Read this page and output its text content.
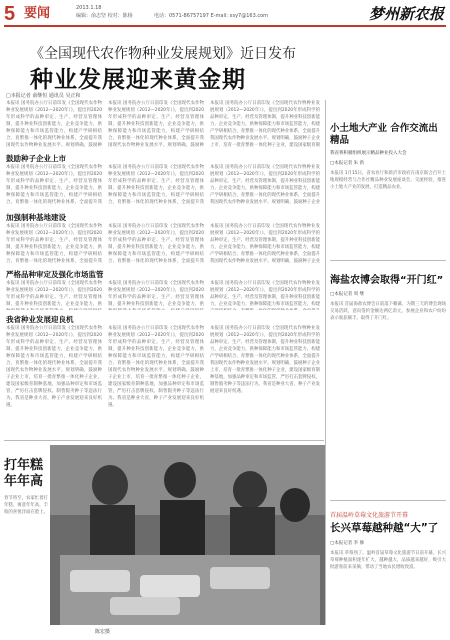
5 要闻	2013.1.18
编辑：俞志坚 校对：陈杨	电话：0571-86757197 E-mail: xsy7@163.com	梦州新农报
《全国现代农作物种业发展规划》近日发布
种业发展迎来黄金期
□本报记者 俞继恒 通讯员 吴正和
本报讯 国务院办公厅日前印发《全国现代农作物种业发展规划（2012—2020年）》，提出到2020年形成科学的品种审定、生产、经营及管理体制，提升种业科技创新能力，企业竞争能力，供种保障能力和市场监管能力，构建产学研相结合、育繁推一体化的现代种业体系，全面提升我国现代农作物种业发展水平。规划明确，鼓励种
本报讯 国务院办公厅日前印发《全国现代农作物种业发展规划（2012—2020年）》，提出到2020年形成科学的品种审定、生产、经营及管理体制，提升种业科技创新能力，企业竞争能力，供种保障能力和市场监管能力，构建产学研相结合、育繁推一体化的现代种业体系，全面提升我国现代农作物种业发展水平。规划明确，鼓励种
本报讯 国务院办公厅日前印发《全国现代农作物种业发展规划（2012—2020年）》，提出到2020年形成科学的品种审定、生产、经营及管理体制，提升种业科技创新能力，企业竞争能力，供种保障能力和市场监管能力，构建产学研相结合、育繁推一体化的现代种业体系，全面提升我国现代农作物种业发展水平。规划明确，鼓励种子企业上市，培育一批育繁推一体化种子企业，建设国家级育制
鼓励种子企业上市
本报讯 国务院办公厅日前印发《全国现代农作物种业发展规划（2012—2020年）》，提出到2020年形成科学的品种审定、生产、经营及管理体制，提升种业科技创新能力，企业竞争能力，供种保障能力和市场监管能力，构建产学研相结合、育繁推一体化的现代种业体系，全面提升我
本报讯 国务院办公厅日前印发《全国现代农作物种业发展规划（2012—2020年）》，提出到2020年形成科学的品种审定、生产、经营及管理体制，提升种业科技创新能力，企业竞争能力，供种保障能力和市场监管能力，构建产学研相结合、育繁推一体化的现代种业体系，全面提升我
本报讯 国务院办公厅日前印发《全国现代农作物种业发展规划（2012—2020年）》，提出到2020年形成科学的品种审定、生产、经营及管理体制，提升种业科技创新能力，企业竞争能力，供种保障能力和市场监管能力，构建产学研相结合、育繁推一体化的现代种业体系，全面提升我国现代农作物种业发展水平。规划明确，鼓励种子企业
加强制种基地建设
本报讯 国务院办公厅日前印发《全国现代农作物种业发展规划（2012—2020年）》，提出到2020年形成科学的品种审定、生产、经营及管理体制，提升种业科技创新能力，企业竞争能力，供种保障能力和市场监管能力，构建产学研相结合、育繁推一体化的现代种业体系，全面提升我
本报讯 国务院办公厅日前印发《全国现代农作物种业发展规划（2012—2020年）》，提出到2020年形成科学的品种审定、生产、经营及管理体制，提升种业科技创新能力，企业竞争能力，供种保障能力和市场监管能力，构建产学研相结合、育繁推一体化的现代种业体系，全面提升我
本报讯 国务院办公厅日前印发《全国现代农作物种业发展规划（2012—2020年）》，提出到2020年形成科学的品种审定、生产、经营及管理体制，提升种业科技创新能力，企业竞争能力，供种保障能力和市场监管能力，构建产学研相结合、育繁推一体化的现代种业体系，全面提升我国现代农作物种业发展水平。规划明确，鼓励种子企业
严格品种审定及强化市场监管
本报讯 国务院办公厅日前印发《全国现代农作物种业发展规划（2012—2020年）》，提出到2020年形成科学的品种审定、生产、经营及管理体制，提升种业科技创新能力，企业竞争能力，供
本报讯 国务院办公厅日前印发《全国现代农作物种业发展规划（2012—2020年）》，提出到2020年形成科学的品种审定、生产、经营及管理体制，提升种业科技创新能力，企业竞争能力，供
本报讯 国务院办公厅日前印发《全国现代农作物种业发展规划（2012—2020年）》，提出到2020年形成科学的品种审定、生产、经营及管理体制，提升种业科技创新能力，企业竞争能力，供种保障能力和市场监管能力，构建
我省种业发展迎良机
本报讯 国务院办公厅日前印发《全国现代农作物种业发展规划（2012—2020年）》，提出到2020年形成科学的品种审定、生产、经营及管理体制，提升种业科技创新能力，企业竞争能力，供种保障能力和市场监管能力，构建产学研相结合、育繁推一体化的现代种业体系，全面提升我国现代农作物种业发展水平。规划明确，鼓励种子企业上市，培育一批育繁推一体化种子企业，建设国家级育制种基地，加强品种审定和市场监管，严厉打击套牌侵权、制售假劣种子等违法行为。我省是种业大省，种子产业发展迎来良好机遇。
本报讯 国务院办公厅日前印发《全国现代农作物种业发展规划（2012—2020年）》，提出到2020年形成科学的品种审定、生产、经营及管理体制，提升种业科技创新能力，企业竞争能力，供种保障能力和市场监管能力，构建产学研相结合、育繁推一体化的现代种业体系，全面提升我国现代农作物种业发展水平。规划明确，鼓励种子企业上市，培育一批育繁推一体化种子企业，建设国家级育制种基地，加强品种审定和市场监管，严厉打击套牌侵权、制售假劣种子等违法行为。我省是种业大省，种子产业发展迎来良好机遇。
本报讯 国务院办公厅日前印发《全国现代农作物种业发展规划（2012—2020年）》，提出到2020年形成科学的品种审定、生产、经营及管理体制，提升种业科技创新能力，企业竞争能力，供种保障能力和市场监管能力，构建产学研相结合、育繁推一体化的现代种业体系，全面提升我国现代农作物种业发展水平。规划明确，鼓励种子企业上市，培育一批育繁推一体化种子企业，建设国家级育制种基地，加强品种审定和市场监管，严厉打击套牌侵权、制售假劣种子等违法行为。我省是种业大省，种子产业发展迎来良好机遇。
小土地大产业 合作交流出精品
我省将积极组织展示精品种业投入大会
□本报记者 朱 新
本报讯 1月15日，省农业厅和新沂市政府在南京联合召开土地规模经营与合作社精品种业发展座谈会，交流经验，推进小土地大产业的发展，打造精品农业。
海盐农博会取得“开门红”
□本报记者 周 继
本报讯 首届海盐农博会日前落下帷幕，为期三天的博会现场交易活跃，意向签约金额达两亿余元，参展企业和农户纷纷表示收获颇丰，取得了开门红。
首届温岭草莓文化旅游节开幕
长兴草莓越种越“大”了
□本报记者 李 修
本报讯 草莓熟了。温岭首届草莓文化旅游节日前开幕，长兴草莓种植面积逐年扩大，越种越大，品质越来越好，吸引大批游客前来采摘，带动了当地农民增收致富。
打年糕 年年高
春节将至，农家忙着打年糕，寓意年年高，丰收的喜悦洋溢在脸上。
陈宏摄
